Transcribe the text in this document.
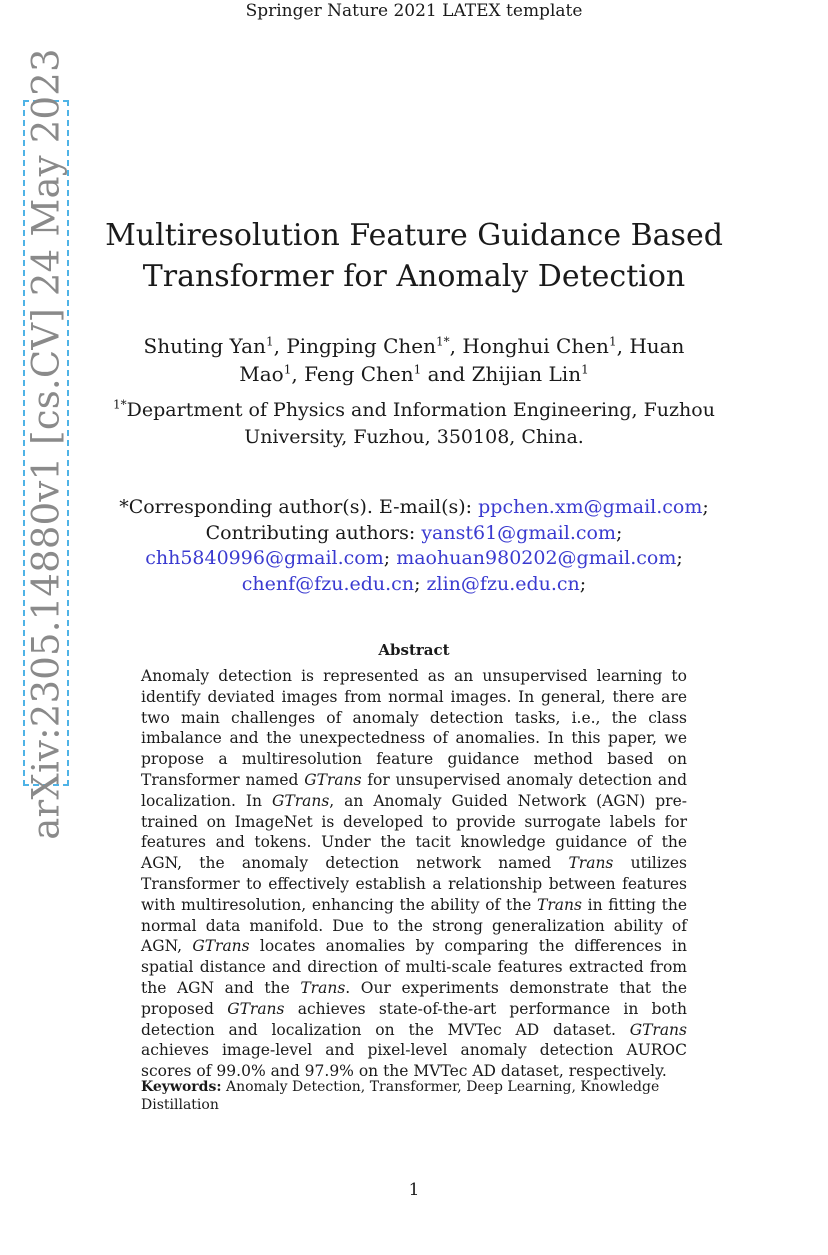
Springer Nature 2021 LATEX template
arXiv:2305.14880v1 [cs.CV] 24 May 2023	Multiresolution Feature Guidance Based
Transformer for Anomaly Detection
Shuting Yan$^1$, Pingping Chen$^{1*}$, Honghui Chen$^1$, Huan Mao$^1$, Feng Chen$^1$ and Zhijian Lin$^1$
$^{1*}$Department of Physics and Information Engineering, Fuzhou University, Fuzhou, 350108, China.
*Corresponding author(s). E-mail(s): ppchen.xm@gmail.com;
Contributing authors: yanst61@gmail.com;
chh5840996@gmail.com; maohuan980202@gmail.com;
chenf@fzu.edu.cn; zlin@fzu.edu.cn;
Abstract
Anomaly detection is represented as an unsupervised learning to identify deviated images from normal images. In general, there are two main challenges of anomaly detection tasks, i.e., the class imbalance and the unexpectedness of anomalies. In this paper, we propose a multiresolution feature guidance method based on Transformer named GTrans for unsupervised anomaly detection and localization. In GTrans, an Anomaly Guided Network (AGN) pre-trained on ImageNet is developed to provide surrogate labels for features and tokens. Under the tacit knowledge guidance of the AGN, the anomaly detection network named Trans utilizes Transformer to effectively establish a relationship between features with multiresolution, enhancing the ability of the Trans in fitting the normal data manifold. Due to the strong generalization ability of AGN, GTrans locates anomalies by comparing the differences in spatial distance and direction of multi-scale features extracted from the AGN and the Trans. Our experiments demonstrate that the proposed GTrans achieves state-of-the-art performance in both detection and localization on the MVTec AD dataset. GTrans achieves image-level and pixel-level anomaly detection AUROC scores of 99.0% and 97.9% on the MVTec AD dataset, respectively.
Keywords: Anomaly Detection, Transformer, Deep Learning, Knowledge Distillation
1
